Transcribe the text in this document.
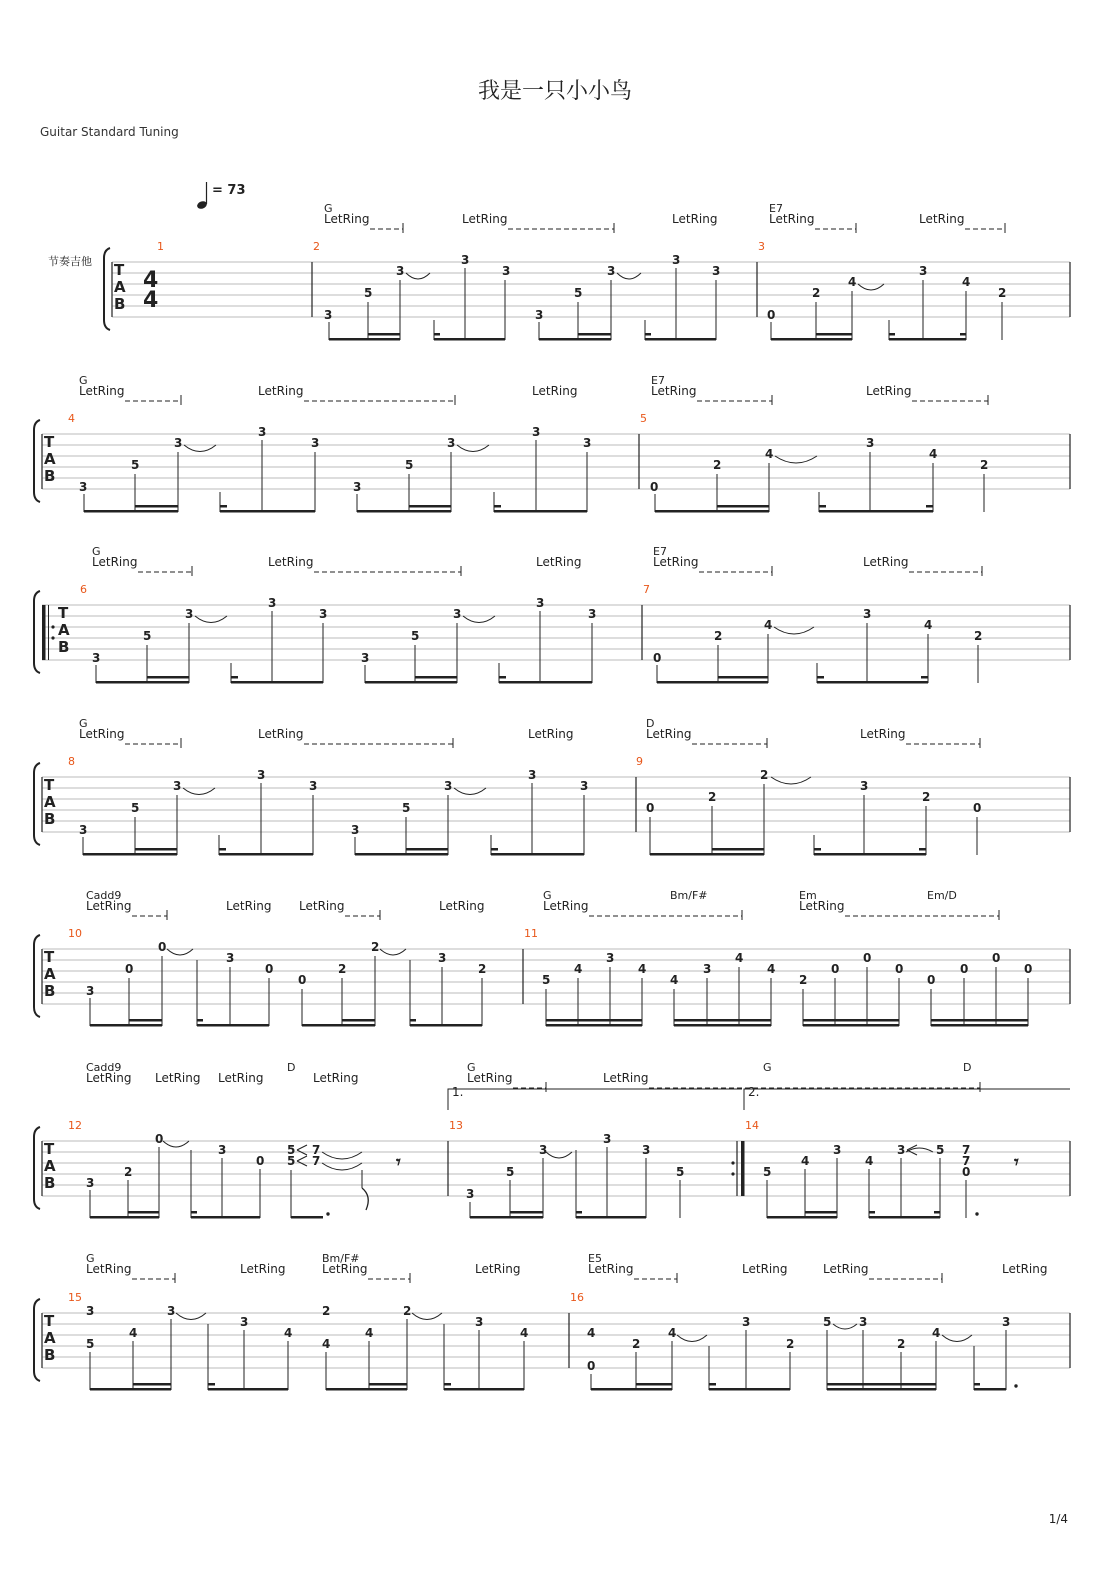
我是一只小小鸟
Guitar Standard Tuning
= 73
节奏吉他 T
A
B
4
4
1	2	3
G
LetRing	LetRing	LetRing
E7
LetRing	LetRing
3
5
3
3
3
3
5
3
3
3
0
2
4
3
4
2
T
A
B
4	5
G
LetRing	LetRing	LetRing
E7
LetRing	LetRing
3
5
3
3
3
3
5
3
3
3
0
2
4
3
4
2
T
A
B
6	7
G
LetRing	LetRing	LetRing
E7
LetRing	LetRing
3
5
3
3
3
3
5
3
3
3
0
2
4
3
4
2
T
A
B
8	9
G
LetRing	LetRing	LetRing
D
LetRing	LetRing
3
5
3
3
3
3
5
3
3
3
0
2
2
3
2
0
T
A
B
10	11
Cadd9
LetRing	LetRing LetRing	LetRing
G
LetRing
Bm/F#	Em
LetRing
Em/D
3
0
0
3
0
0
2
2
3
2
5
4
3
4
4
3
4
4
2
0
0
0
0
0
0
0
T
A
B
12	13	14
1.	2.
Cadd9
LetRing LetRing LetRing
D
LetRing
G
LetRing	LetRing
G	D
3
2
0
3
0
5 7
5 7
3
5
3
3
3
5	5
4
3
4
3	5 7
7
0
𝄾	𝄾
T
A
B
15	16
G
LetRing	LetRing
Bm/F#
LetRing	LetRing
E5
LetRing	LetRing	LetRing	LetRing
5
3
4
3
3
4
4
2
4
2
3
4	4
0
2
4
3
2
5 3
2
4
3
1/4
